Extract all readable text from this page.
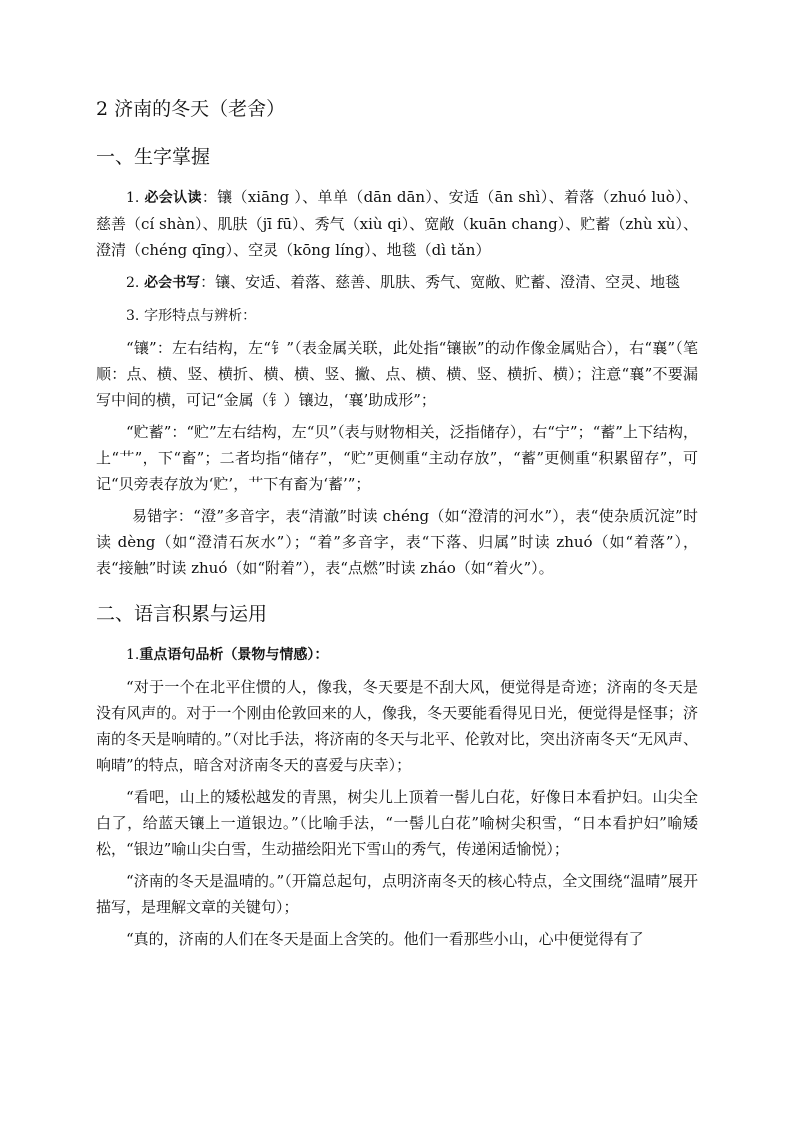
2 济南的冬天（老舍）
一、生字掌握

1. 必会认读：镶（xiāng ）、单单（dān dān）、安适（ān shì）、着落（zhuó luò）、慈善（cí shàn）、肌肤（jī fū）、秀气（xiù qi）、宽敞（kuān chang）、贮蓄（zhù xù）、澄清（chéng qīng）、空灵（kōng líng）、地毯（dì tǎn）

2. 必会书写：镶、安适、着落、慈善、肌肤、秀气、宽敞、贮蓄、澄清、空灵、地毯

3. 字形特点与辨析：

“镶”：左右结构，左“钅”（表金属关联，此处指“镶嵌”的动作像金属贴合），右“襄”（笔顺：点、横、竖、横折、横、横、竖、撇、点、横、横、竖、横折、横）；注意“襄”不要漏写中间的横，可记“金属（钅）镶边，‘襄’助成形”；

“贮蓄”：“贮”左右结构，左“贝”（表与财物相关，泛指储存），右“宁”；“蓄”上下结构，上“艹”，下“畜”；二者均指“储存”，“贮”更侧重“主动存放”，“蓄”更侧重“积累留存”，可记“贝旁表存放为‘贮’，艹下有畜为‘蓄’”；

易错字：“澄”多音字，表“清澈”时读 chéng（如“澄清的河水”），表“使杂质沉淀”时读 dèng（如“澄清石灰水”）；“着”多音字，表“下落、归属”时读 zhuó（如“着落”），表“接触”时读 zhuó（如“附着”），表“点燃”时读 zháo（如“着火”）。

二、语言积累与运用

1.重点语句品析（景物与情感）：

“对于一个在北平住惯的人，像我，冬天要是不刮大风，便觉得是奇迹；济南的冬天是没有风声的。对于一个刚由伦敦回来的人，像我，冬天要能看得见日光，便觉得是怪事；济南的冬天是响晴的。”（对比手法，将济南的冬天与北平、伦敦对比，突出济南冬天“无风声、响晴”的特点，暗含对济南冬天的喜爱与庆幸）；

“看吧，山上的矮松越发的青黑，树尖儿上顶着一髻儿白花，好像日本看护妇。山尖全白了，给蓝天镶上一道银边。”（比喻手法，“一髻儿白花”喻树尖积雪，“日本看护妇”喻矮松，“银边”喻山尖白雪，生动描绘阳光下雪山的秀气，传递闲适愉悦）；

“济南的冬天是温晴的。”（开篇总起句，点明济南冬天的核心特点，全文围绕“温晴”展开描写，是理解文章的关键句）；

“真的，济南的人们在冬天是面上含笑的。他们一看那些小山，心中便觉得有了
